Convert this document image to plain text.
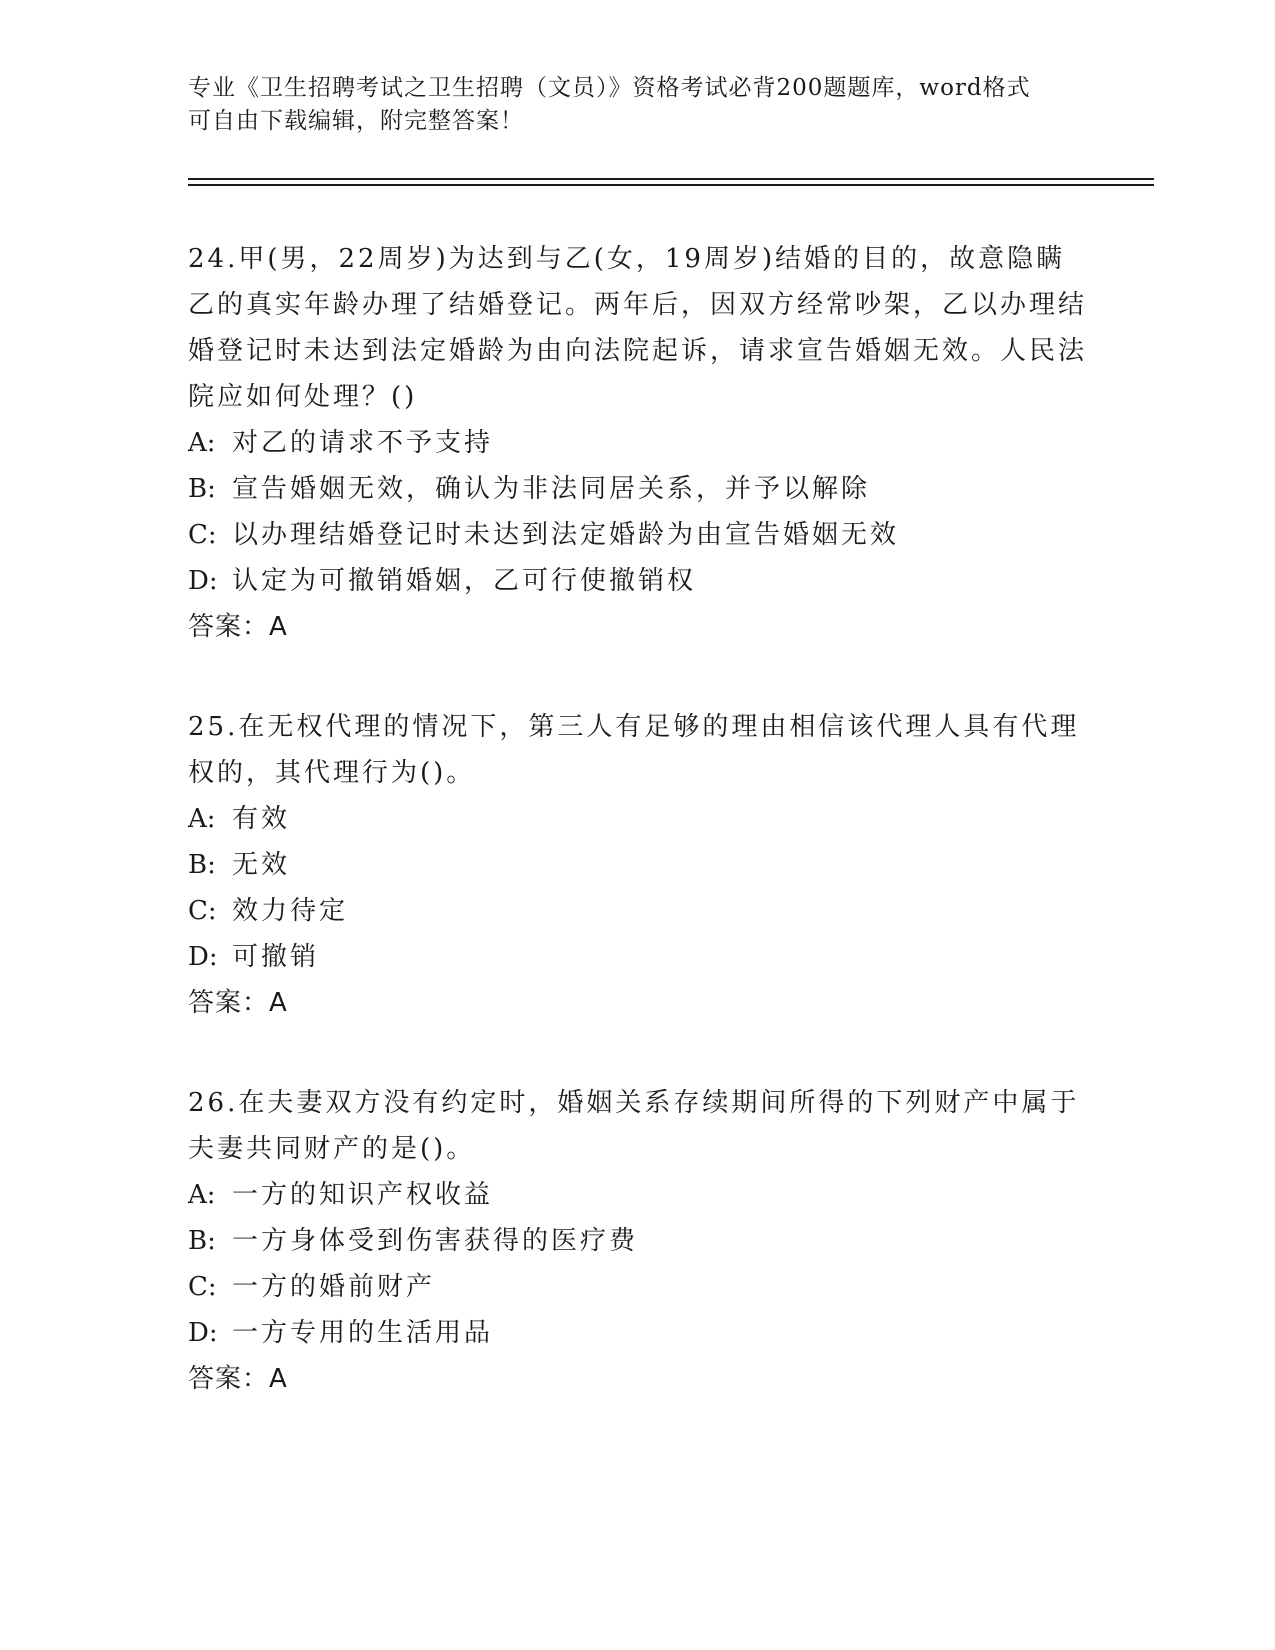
专业《卫生招聘考试之卫生招聘（文员）》资格考试必背200题题库，word格式
可自由下载编辑，附完整答案！
24.甲(男，22周岁)为达到与乙(女，19周岁)结婚的目的，故意隐瞒乙的真实年龄办理了结婚登记。两年后，因双方经常吵架，乙以办理结婚登记时未达到法定婚龄为由向法院起诉，请求宣告婚姻无效。人民法院应如何处理？()
A: 对乙的请求不予支持
B: 宣告婚姻无效，确认为非法同居关系，并予以解除
C: 以办理结婚登记时未达到法定婚龄为由宣告婚姻无效
D: 认定为可撤销婚姻，乙可行使撤销权
答案：A
25.在无权代理的情况下，第三人有足够的理由相信该代理人具有代理权的，其代理行为()。
A: 有效
B: 无效
C: 效力待定
D: 可撤销
答案：A
26.在夫妻双方没有约定时，婚姻关系存续期间所得的下列财产中属于夫妻共同财产的是()。
A: 一方的知识产权收益
B: 一方身体受到伤害获得的医疗费
C: 一方的婚前财产
D: 一方专用的生活用品
答案：A
